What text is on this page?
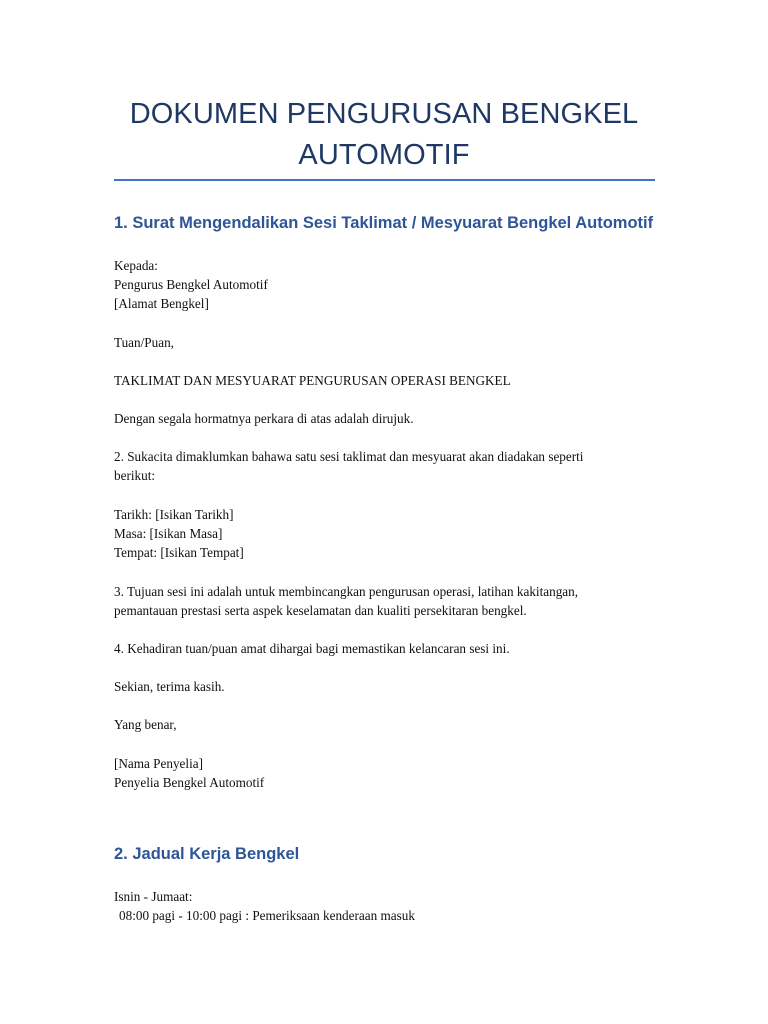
DOKUMEN PENGURUSAN BENGKEL AUTOMOTIF
1. Surat Mengendalikan Sesi Taklimat / Mesyuarat Bengkel Automotif
Kepada:
Pengurus Bengkel Automotif
[Alamat Bengkel]
Tuan/Puan,
TAKLIMAT DAN MESYUARAT PENGURUSAN OPERASI BENGKEL
Dengan segala hormatnya perkara di atas adalah dirujuk.
2. Sukacita dimaklumkan bahawa satu sesi taklimat dan mesyuarat akan diadakan seperti
berikut:
Tarikh: [Isikan Tarikh]
Masa: [Isikan Masa]
Tempat: [Isikan Tempat]
3. Tujuan sesi ini adalah untuk membincangkan pengurusan operasi, latihan kakitangan,
pemantauan prestasi serta aspek keselamatan dan kualiti persekitaran bengkel.
4. Kehadiran tuan/puan amat dihargai bagi memastikan kelancaran sesi ini.
Sekian, terima kasih.
Yang benar,
[Nama Penyelia]
Penyelia Bengkel Automotif
2. Jadual Kerja Bengkel
Isnin - Jumaat:
08:00 pagi - 10:00 pagi : Pemeriksaan kenderaan masuk
